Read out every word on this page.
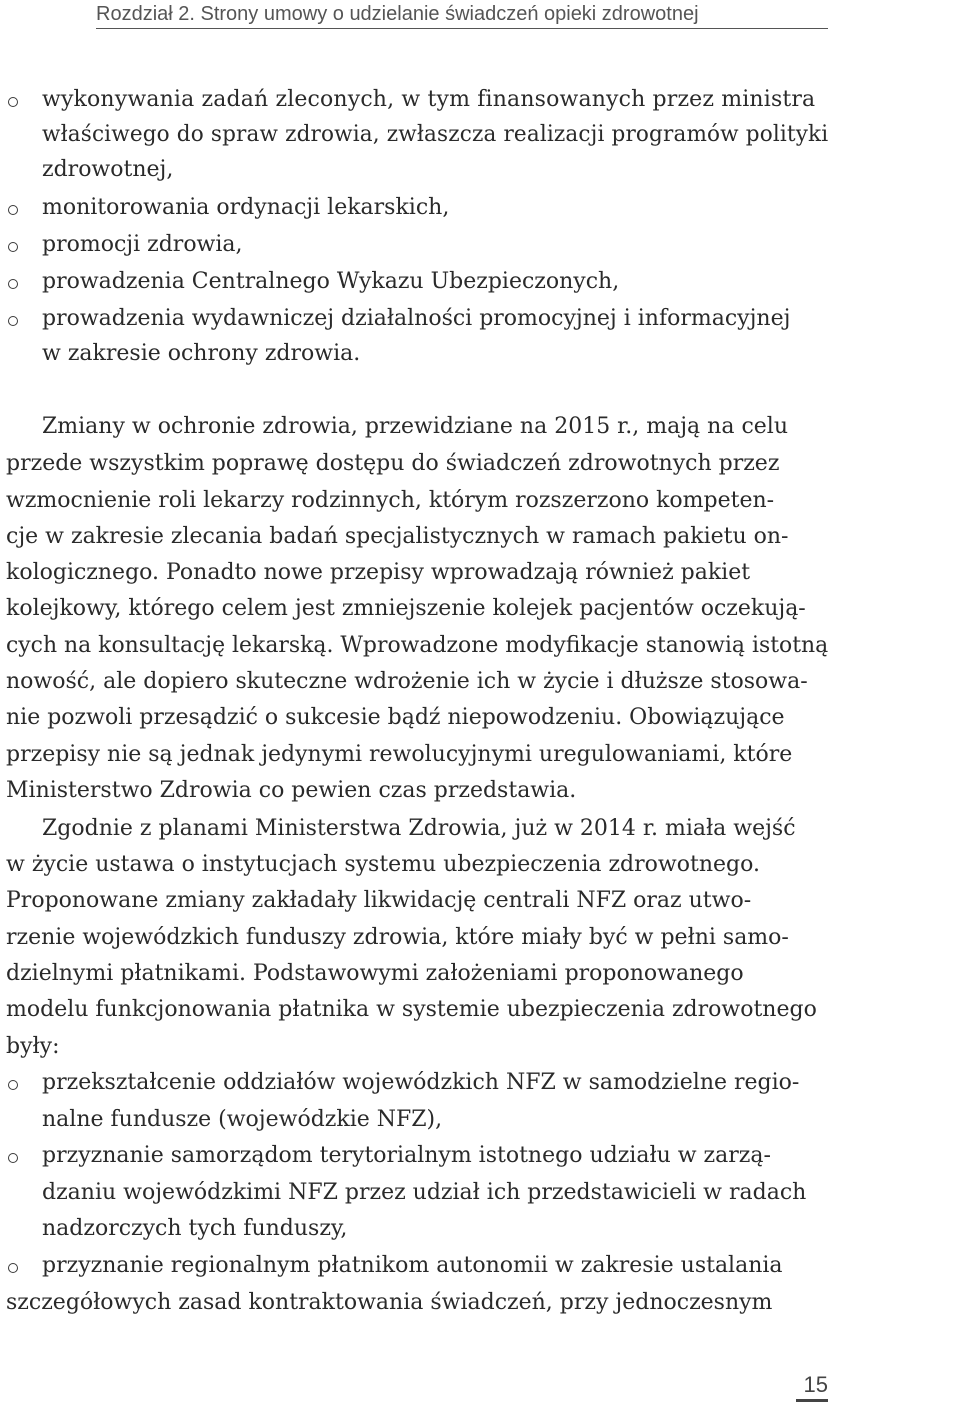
Rozdział 2. Strony umowy o udzielanie świadczeń opieki zdrowotnej
wykonywania zadań zleconych, w tym finansowanych przez ministra
właściwego do spraw zdrowia, zwłaszcza realizacji programów polityki
zdrowotnej,
monitorowania ordynacji lekarskich,
promocji zdrowia,
prowadzenia Centralnego Wykazu Ubezpieczonych,
prowadzenia wydawniczej działalności promocyjnej i informacyjnej
w zakresie ochrony zdrowia.
Zmiany w ochronie zdrowia, przewidziane na 2015 r., mają na celu
przede wszystkim poprawę dostępu do świadczeń zdrowotnych przez
wzmocnienie roli lekarzy rodzinnych, którym rozszerzono kompeten-
cje w zakresie zlecania badań specjalistycznych w ramach pakietu on-
kologicznego. Ponadto nowe przepisy wprowadzają również pakiet
kolejkowy, którego celem jest zmniejszenie kolejek pacjentów oczekują-
cych na konsultację lekarską. Wprowadzone modyfikacje stanowią istotną
nowość, ale dopiero skuteczne wdrożenie ich w życie i dłuższe stosowa-
nie pozwoli przesądzić o sukcesie bądź niepowodzeniu. Obowiązujące
przepisy nie są jednak jedynymi rewolucyjnymi uregulowaniami, które
Ministerstwo Zdrowia co pewien czas przedstawia.
Zgodnie z planami Ministerstwa Zdrowia, już w 2014 r. miała wejść
w życie ustawa o instytucjach systemu ubezpieczenia zdrowotnego.
Proponowane zmiany zakładały likwidację centrali NFZ oraz utwo-
rzenie wojewódzkich funduszy zdrowia, które miały być w pełni samo-
dzielnymi płatnikami. Podstawowymi założeniami proponowanego
modelu funkcjonowania płatnika w systemie ubezpieczenia zdrowotnego
były:
przekształcenie oddziałów wojewódzkich NFZ w samodzielne regio-
nalne fundusze (wojewódzkie NFZ),
przyznanie samorządom terytorialnym istotnego udziału w zarzą-
dzaniu wojewódzkimi NFZ przez udział ich przedstawicieli w radach
nadzorczych tych funduszy,
przyznanie regionalnym płatnikom autonomii w zakresie ustalania
szczegółowych zasad kontraktowania świadczeń, przy jednoczesnym
15
